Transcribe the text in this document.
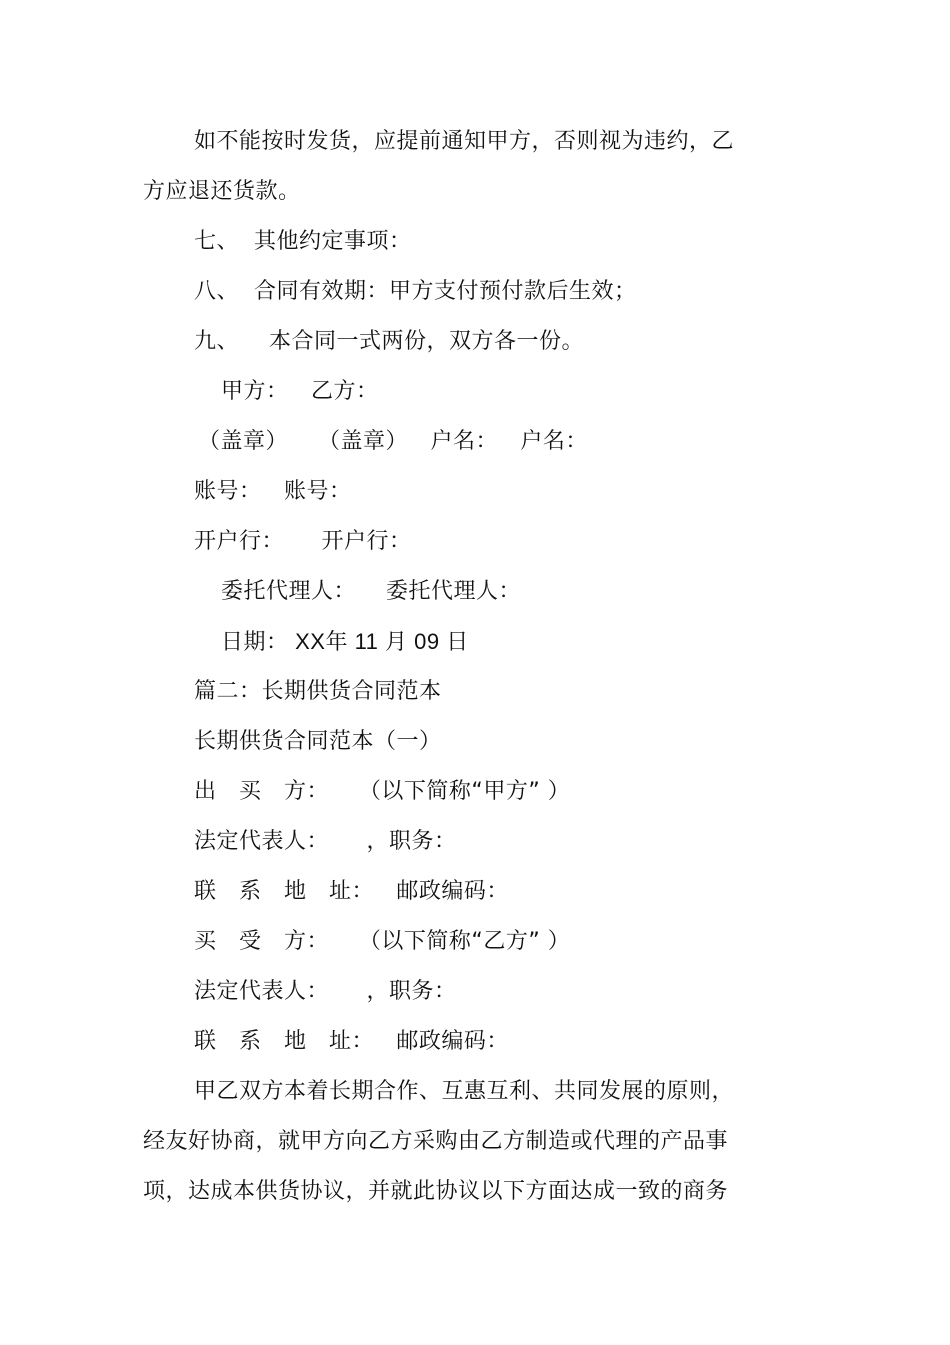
如不能按时发货，应提前通知甲方，否则视为违约，乙
方应退还货款。
七、  其他约定事项：
八、  合同有效期：甲方支付预付款后生效；
九、    本合同一式两份，双方各一份。
甲方：   乙方：
（盖章）    （盖章）   户名：   户名：
账号：   账号：
开户行：     开户行：
委托代理人：    委托代理人：
日期： XX年 11 月 09 日
篇二：长期供货合同范本
长期供货合同范本（一）
出   买   方：    （以下简称“甲方” ）
法定代表人：     ，职务：
联   系   地   址：   邮政编码：
买   受   方：    （以下简称“乙方” ）
法定代表人：     ，职务：
联   系   地   址：   邮政编码：
甲乙双方本着长期合作、互惠互利、共同发展的原则，
经友好协商，就甲方向乙方采购由乙方制造或代理的产品事
项，达成本供货协议，并就此协议以下方面达成一致的商务
